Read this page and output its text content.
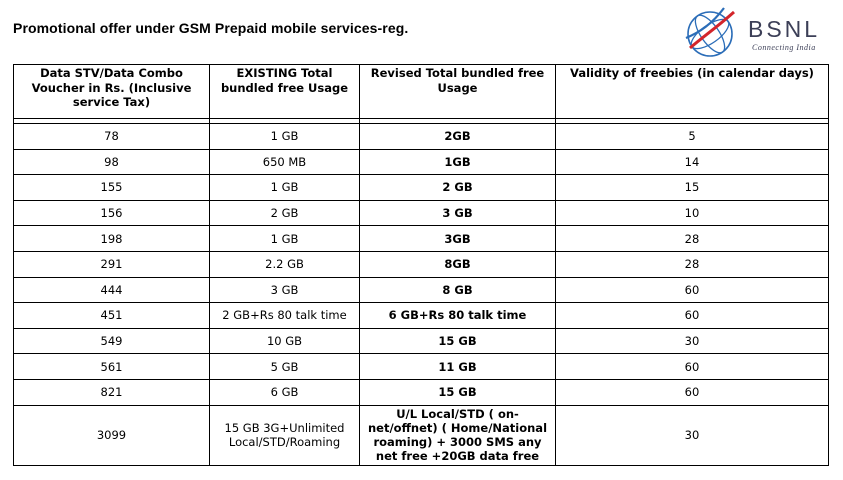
Promotional offer under GSM Prepaid mobile services-reg.	BSNL
Connecting India
Data STV/Data Combo Voucher in Rs. (Inclusive service Tax)	EXISTING Total bundled free Usage	Revised Total bundled free Usage	Validity of freebies (in calendar days)

78	1 GB	2GB	5
98	650 MB	1GB	14
155	1 GB	2 GB	15
156	2 GB	3 GB	10
198	1 GB	3GB	28
291	2.2 GB	8GB	28
444	3 GB	8 GB	60
451	2 GB+Rs 80 talk time	6 GB+Rs 80 talk time	60
549	10 GB	15 GB	30
561	5 GB	11 GB	60
821	6 GB	15 GB	60
3099	15 GB 3G+Unlimited Local/STD/Roaming	U/L Local/STD ( on-net/offnet) ( Home/National roaming) + 3000 SMS any net free +20GB data free	30
